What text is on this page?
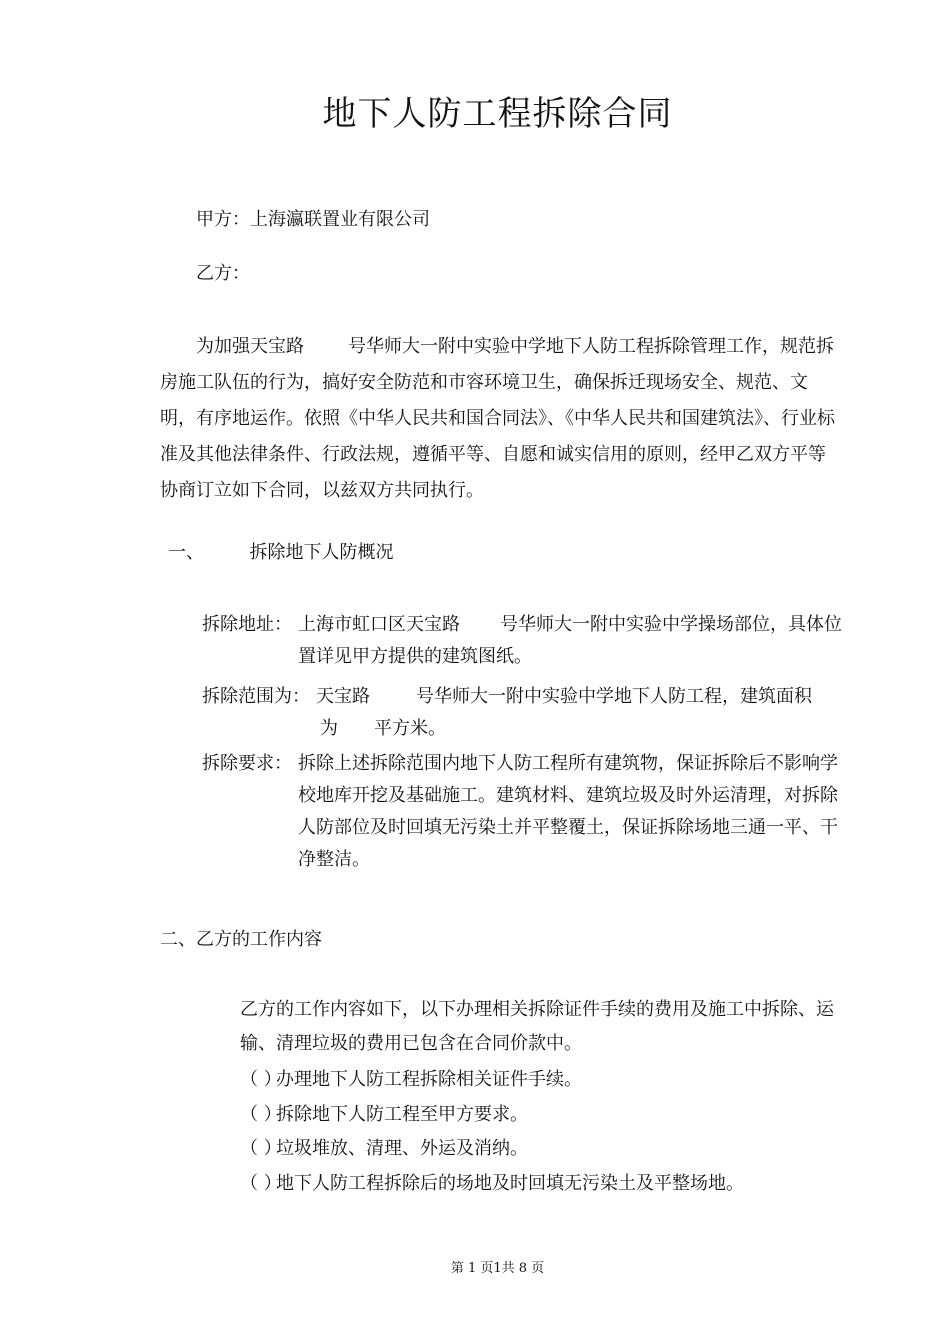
地下人防工程拆除合同
甲方：上海瀛联置业有限公司
乙方：
为加强天宝路 号华师大一附中实验中学地下人防工程拆除管理工作，规范拆房施工队伍的行为，搞好安全防范和市容环境卫生，确保拆迁现场安全、规范、文明，有序地运作。依照《中华人民共和国合同法》、《中华人民共和国建筑法》、行业标准及其他法律条件、行政法规，遵循平等、自愿和诚实信用的原则，经甲乙双方平等协商订立如下合同，以兹双方共同执行。
一、	拆除地下人防概况
拆除地址： 上海市虹口区天宝路 号华师大一附中实验中学操场部位，具体位置详见甲方提供的建筑图纸。
拆除范围为： 天宝路	号华师大一附中实验中学地下人防工程，建筑面积
为 平方米。
拆除要求： 拆除上述拆除范围内地下人防工程所有建筑物，保证拆除后不影响学校地库开挖及基础施工。建筑材料、建筑垃圾及时外运清理，对拆除人防部位及时回填无污染土并平整覆土，保证拆除场地三通一平、干净整洁。
二、乙方的工作内容
乙方的工作内容如下，以下办理相关拆除证件手续的费用及施工中拆除、运输、清理垃圾的费用已包含在合同价款中。
（ ）办理地下人防工程拆除相关证件手续。
（ ）拆除地下人防工程至甲方要求。
（ ）垃圾堆放、清理、外运及消纳。
（ ）地下人防工程拆除后的场地及时回填无污染土及平整场地。
第 1 页1共 8 页
